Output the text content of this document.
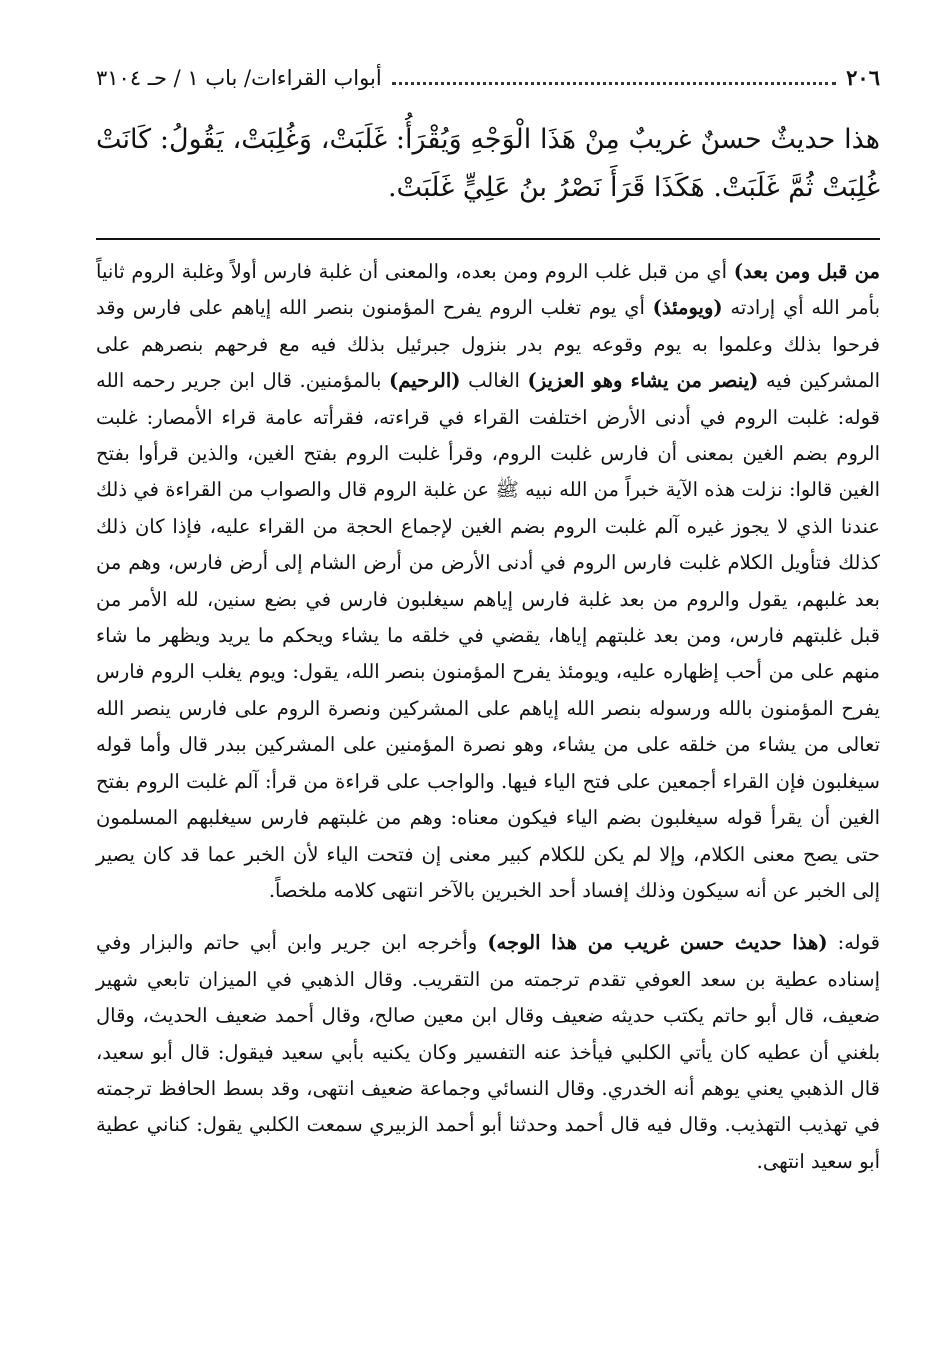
٢٠٦
أبواب القراءات/ باب ١ / حـ ٣١٠٤
هذا حديثٌ حسنٌ غريبٌ مِنْ هَذَا الْوَجْهِ وَيُقْرَأُ: غَلَبَتْ، وَغُلِبَتْ، يَقُولُ: كَانَتْ غُلِبَتْ ثُمَّ غَلَبَتْ. هَكَذَا قَرَأَ نَصْرُ بنُ عَلِيٍّ غَلَبَتْ.

من قبل ومن بعد) أي من قبل غلب الروم ومن بعده، والمعنى أن غلبة فارس أولاً وغلبة الروم ثانياً بأمر الله أي إرادته (ويومئذ) أي يوم تغلب الروم يفرح المؤمنون بنصر الله إياهم على فارس وقد فرحوا بذلك وعلموا به يوم وقوعه يوم بدر بنزول جبرئيل بذلك فيه مع فرحهم بنصرهم على المشركين فيه (ينصر من يشاء وهو العزيز) الغالب (الرحيم) بالمؤمنين. قال ابن جرير رحمه الله قوله: غلبت الروم في أدنى الأرض اختلفت القراء في قراءته، فقرأته عامة قراء الأمصار: غلبت الروم بضم الغين بمعنى أن فارس غلبت الروم، وقرأ غلبت الروم بفتح الغين، والذين قرأوا بفتح الغين قالوا: نزلت هذه الآية خبراً من الله نبيه ﷺ عن غلبة الروم قال والصواب من القراءة في ذلك عندنا الذي لا يجوز غيره آلم غلبت الروم بضم الغين لإجماع الحجة من القراء عليه، فإذا كان ذلك كذلك فتأويل الكلام غلبت فارس الروم في أدنى الأرض من أرض الشام إلى أرض فارس، وهم من بعد غلبهم، يقول والروم من بعد غلبة فارس إياهم سيغلبون فارس في بضع سنين، لله الأمر من قبل غلبتهم فارس، ومن بعد غلبتهم إياها، يقضي في خلقه ما يشاء ويحكم ما يريد ويظهر ما شاء منهم على من أحب إظهاره عليه، ويومئذ يفرح المؤمنون بنصر الله، يقول: ويوم يغلب الروم فارس يفرح المؤمنون بالله ورسوله بنصر الله إياهم على المشركين ونصرة الروم على فارس ينصر الله تعالى من يشاء من خلقه على من يشاء، وهو نصرة المؤمنين على المشركين ببدر قال وأما قوله سيغلبون فإن القراء أجمعين على فتح الياء فيها. والواجب على قراءة من قرأ: آلم غلبت الروم بفتح الغين أن يقرأ قوله سيغلبون بضم الياء فيكون معناه: وهم من غلبتهم فارس سيغلبهم المسلمون حتى يصح معنى الكلام، وإلا لم يكن للكلام كبير معنى إن فتحت الياء لأن الخبر عما قد كان يصير إلى الخبر عن أنه سيكون وذلك إفساد أحد الخبرين بالآخر انتهى كلامه ملخصاً.

قوله: (هذا حديث حسن غريب من هذا الوجه) وأخرجه ابن جرير وابن أبي حاتم والبزار وفي إسناده عطية بن سعد العوفي تقدم ترجمته من التقريب. وقال الذهبي في الميزان تابعي شهير ضعيف، قال أبو حاتم يكتب حديثه ضعيف وقال ابن معين صالح، وقال أحمد ضعيف الحديث، وقال بلغني أن عطيه كان يأتي الكلبي فيأخذ عنه التفسير وكان يكنيه بأبي سعيد فيقول: قال أبو سعيد، قال الذهبي يعني يوهم أنه الخدري. وقال النسائي وجماعة ضعيف انتهى، وقد بسط الحافظ ترجمته في تهذيب التهذيب. وقال فيه قال أحمد وحدثنا أبو أحمد الزبيري سمعت الكلبي يقول: كناني عطية أبو سعيد انتهى.
